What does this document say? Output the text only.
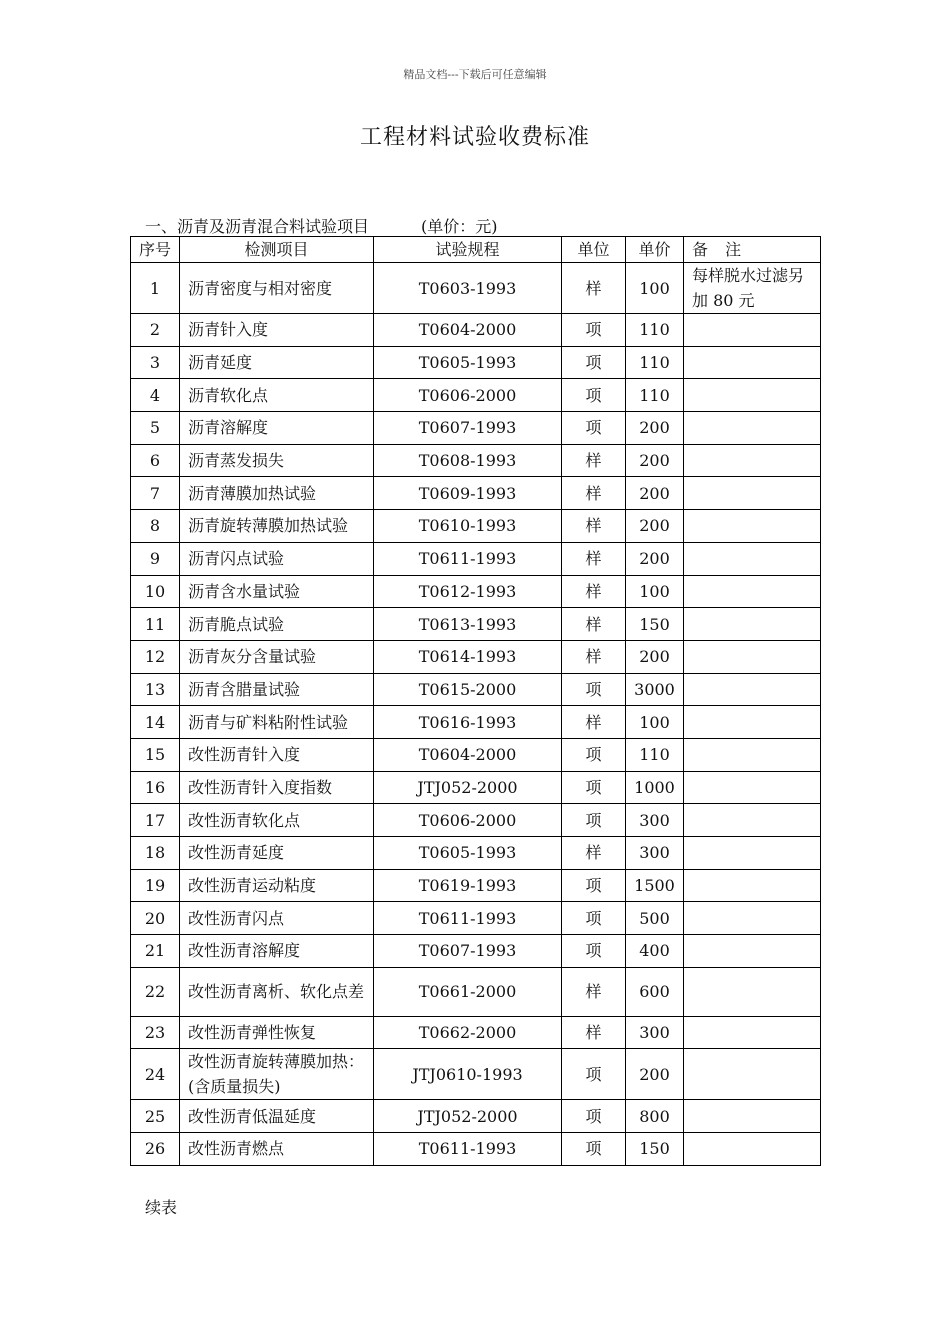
精品文档---下载后可任意编辑
工程材料试验收费标准
一、沥青及沥青混合料试验项目	(单价：元)
序号	检测项目	试验规程	单位	单价	备 注
1	沥青密度与相对密度	T0603-1993	样	100	每样脱水过滤另加 80 元
2	沥青针入度	T0604-2000	项	110	
3	沥青延度	T0605-1993	项	110	
4	沥青软化点	T0606-2000	项	110	
5	沥青溶解度	T0607-1993	项	200	
6	沥青蒸发损失	T0608-1993	样	200	
7	沥青薄膜加热试验	T0609-1993	样	200	
8	沥青旋转薄膜加热试验	T0610-1993	样	200	
9	沥青闪点试验	T0611-1993	样	200	
10	沥青含水量试验	T0612-1993	样	100	
11	沥青脆点试验	T0613-1993	样	150	
12	沥青灰分含量试验	T0614-1993	样	200	
13	沥青含腊量试验	T0615-2000	项	3000	
14	沥青与矿料粘附性试验	T0616-1993	样	100	
15	改性沥青针入度	T0604-2000	项	110	
16	改性沥青针入度指数	JTJ052-2000	项	1000	
17	改性沥青软化点	T0606-2000	项	300	
18	改性沥青延度	T0605-1993	样	300	
19	改性沥青运动粘度	T0619-1993	项	1500	
20	改性沥青闪点	T0611-1993	项	500	
21	改性沥青溶解度	T0607-1993	项	400	
22	改性沥青离析、软化点差	T0661-2000	样	600	
23	改性沥青弹性恢复	T0662-2000	样	300	
24	改性沥青旋转薄膜加热：(含质量损失)	JTJ0610-1993	项	200	
25	改性沥青低温延度	JTJ052-2000	项	800	
26	改性沥青燃点	T0611-1993	项	150	
续表
